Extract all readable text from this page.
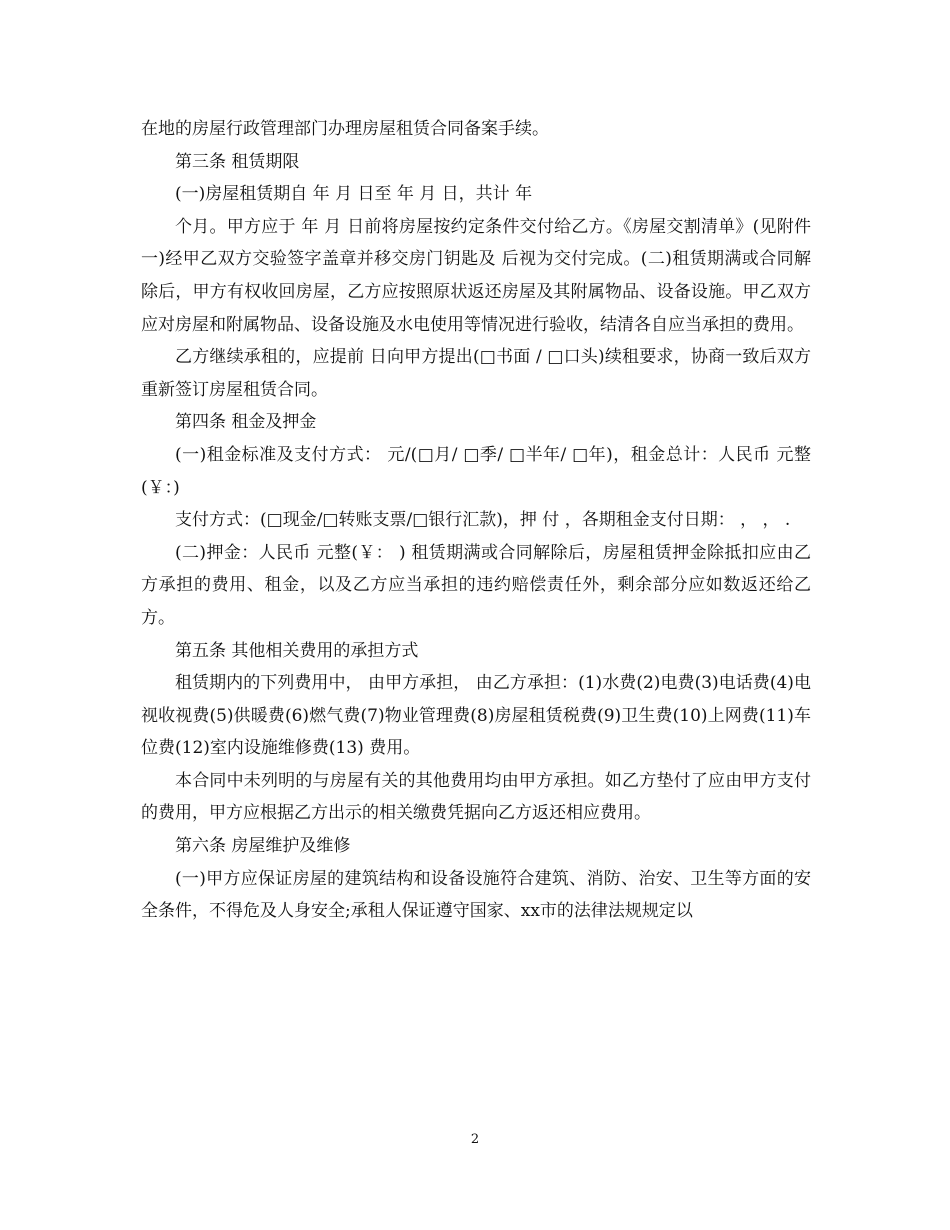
在地的房屋行政管理部门办理房屋租赁合同备案手续。

第三条 租赁期限

(一)房屋租赁期自 年 月 日至 年 月 日，共计 年

个月。甲方应于 年 月 日前将房屋按约定条件交付给乙方。《房屋交割清单》(见附件一)经甲乙双方交验签字盖章并移交房门钥匙及 后视为交付完成。(二)租赁期满或合同解除后，甲方有权收回房屋，乙方应按照原状返还房屋及其附属物品、设备设施。甲乙双方应对房屋和附属物品、设备设施及水电使用等情况进行验收，结清各自应当承担的费用。

乙方继续承租的，应提前 日向甲方提出(□书面 / □口头)续租要求，协商一致后双方重新签订房屋租赁合同。

第四条 租金及押金

(一)租金标准及支付方式： 元/(□月/ □季/ □半年/ □年)，租金总计：人民币 元整(￥：)

支付方式：(□现金/□转账支票/□银行汇款)，押 付 ，各期租金支付日期： ， ， .

(二)押金：人民币 元整(￥： ) 租赁期满或合同解除后，房屋租赁押金除抵扣应由乙方承担的费用、租金，以及乙方应当承担的违约赔偿责任外，剩余部分应如数返还给乙方。

第五条 其他相关费用的承担方式

租赁期内的下列费用中， 由甲方承担， 由乙方承担：(1)水费(2)电费(3)电话费(4)电视收视费(5)供暖费(6)燃气费(7)物业管理费(8)房屋租赁税费(9)卫生费(10)上网费(11)车位费(12)室内设施维修费(13) 费用。

本合同中未列明的与房屋有关的其他费用均由甲方承担。如乙方垫付了应由甲方支付的费用，甲方应根据乙方出示的相关缴费凭据向乙方返还相应费用。

第六条 房屋维护及维修

(一)甲方应保证房屋的建筑结构和设备设施符合建筑、消防、治安、卫生等方面的安全条件，不得危及人身安全;承租人保证遵守国家、xx市的法律法规规定以

2
